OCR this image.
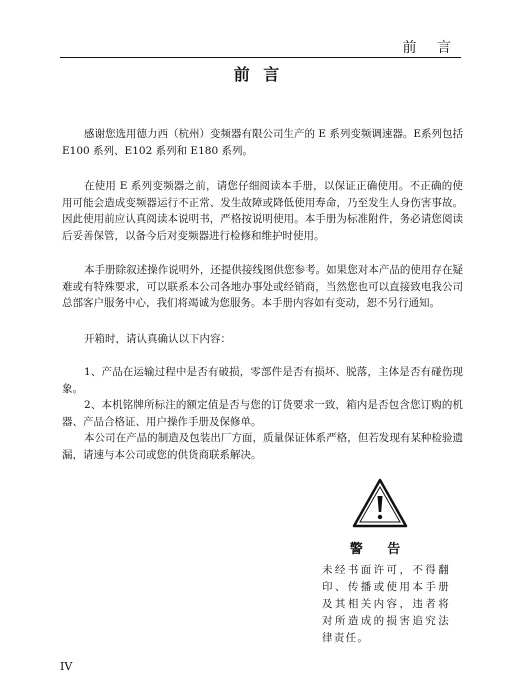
前 言
前 言

感谢您选用德力西（杭州）变频器有限公司生产的 E 系列变频调速器。E系列包括 E100 系列、E102 系列和 E180 系列。

在使用 E 系列变频器之前，请您仔细阅读本手册，以保证正确使用。不正确的使用可能会造成变频器运行不正常、发生故障或降低使用寿命，乃至发生人身伤害事故。因此使用前应认真阅读本说明书，严格按说明使用。本手册为标准附件，务必请您阅读后妥善保管，以备今后对变频器进行检修和维护时使用。

本手册除叙述操作说明外，还提供接线图供您参考。如果您对本产品的使用存在疑难或有特殊要求，可以联系本公司各地办事处或经销商，当然您也可以直接致电我公司总部客户服务中心，我们将竭诚为您服务。本手册内容如有变动，恕不另行通知。

开箱时，请认真确认以下内容：

1、产品在运输过程中是否有破损，零部件是否有损坏、脱落，主体是否有碰伤现象。

2、本机铭牌所标注的额定值是否与您的订货要求一致，箱内是否包含您订购的机器、产品合格证、用户操作手册及保修单。

本公司在产品的制造及包装出厂方面，质量保证体系严格，但若发现有某种检验遗漏，请速与本公司或您的供货商联系解决。

警 告
未经书面许可，不得翻印、传播或使用本手册及其相关内容，违者将对所造成的损害追究法律责任。
IV
